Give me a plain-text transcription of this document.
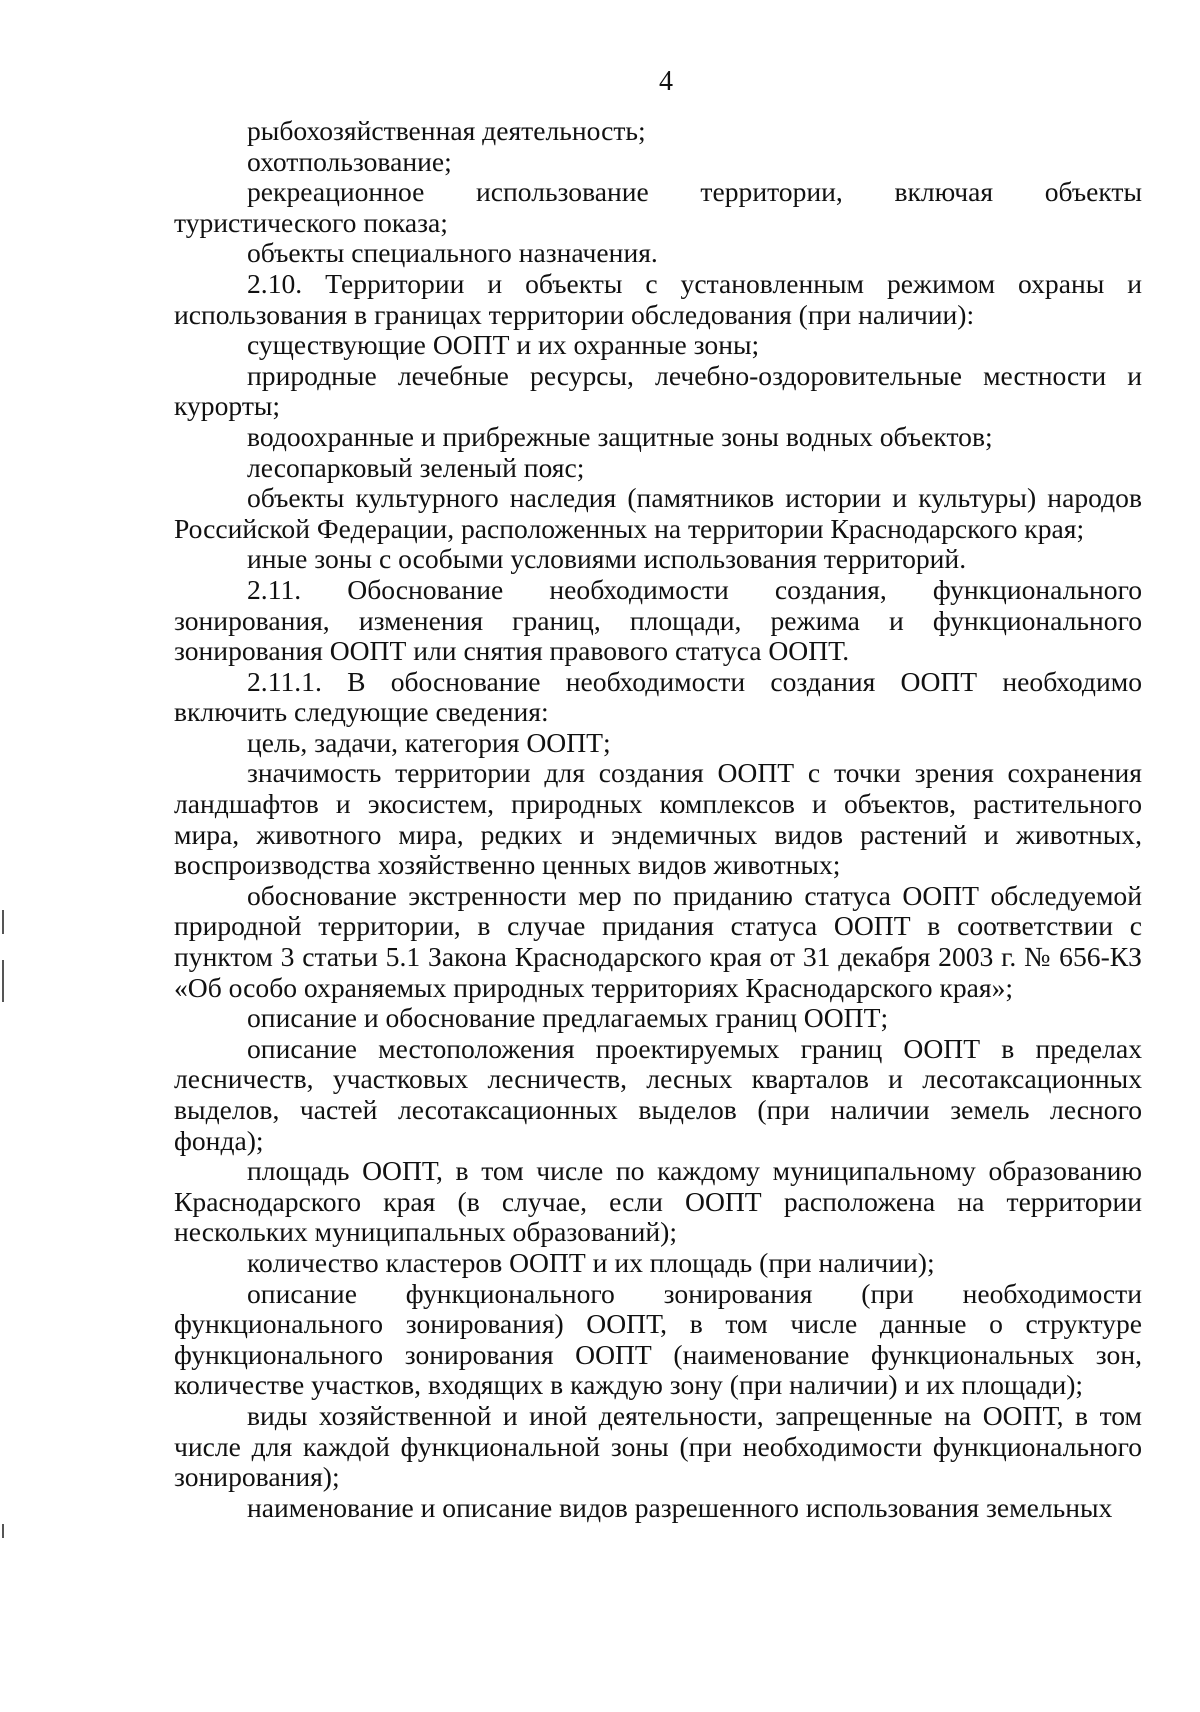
4

рыбохозяйственная деятельность;

охотпользование;

рекреационное использование территории, включая объекты туристического показа;

объекты специального назначения.

2.10. Территории и объекты с установленным режимом охраны и использования в границах территории обследования (при наличии):

существующие ООПТ и их охранные зоны;

природные лечебные ресурсы, лечебно-оздоровительные местности и курорты;

водоохранные и прибрежные защитные зоны водных объектов;

лесопарковый зеленый пояс;

объекты культурного наследия (памятников истории и культуры) народов Российской Федерации, расположенных на территории Краснодарского края;

иные зоны с особыми условиями использования территорий.

2.11. Обоснование необходимости создания, функционального зонирования, изменения границ, площади, режима и функционального зонирования ООПТ или снятия правового статуса ООПТ.

2.11.1. В обоснование необходимости создания ООПТ необходимо включить следующие сведения:

цель, задачи, категория ООПТ;

значимость территории для создания ООПТ с точки зрения сохранения ландшафтов и экосистем, природных комплексов и объектов, растительного мира, животного мира, редких и эндемичных видов растений и животных, воспроизводства хозяйственно ценных видов животных;

обоснование экстренности мер по приданию статуса ООПТ обследуемой природной территории, в случае придания статуса ООПТ в соответствии с пунктом 3 статьи 5.1 Закона Краснодарского края от 31 декабря 2003 г. № 656-КЗ «Об особо охраняемых природных территориях Краснодарского края»;

описание и обоснование предлагаемых границ ООПТ;

описание местоположения проектируемых границ ООПТ в пределах лесничеств, участковых лесничеств, лесных кварталов и лесотаксационных выделов, частей лесотаксационных выделов (при наличии земель лесного фонда);

площадь ООПТ, в том числе по каждому муниципальному образованию Краснодарского края (в случае, если ООПТ расположена на территории нескольких муниципальных образований);

количество кластеров ООПТ и их площадь (при наличии);

описание функционального зонирования (при необходимости функционального зонирования) ООПТ, в том числе данные о структуре функционального зонирования ООПТ (наименование функциональных зон, количестве участков, входящих в каждую зону (при наличии) и их площади);

виды хозяйственной и иной деятельности, запрещенные на ООПТ, в том числе для каждой функциональной зоны (при необходимости функционального зонирования);

наименование и описание видов разрешенного использования земельных
